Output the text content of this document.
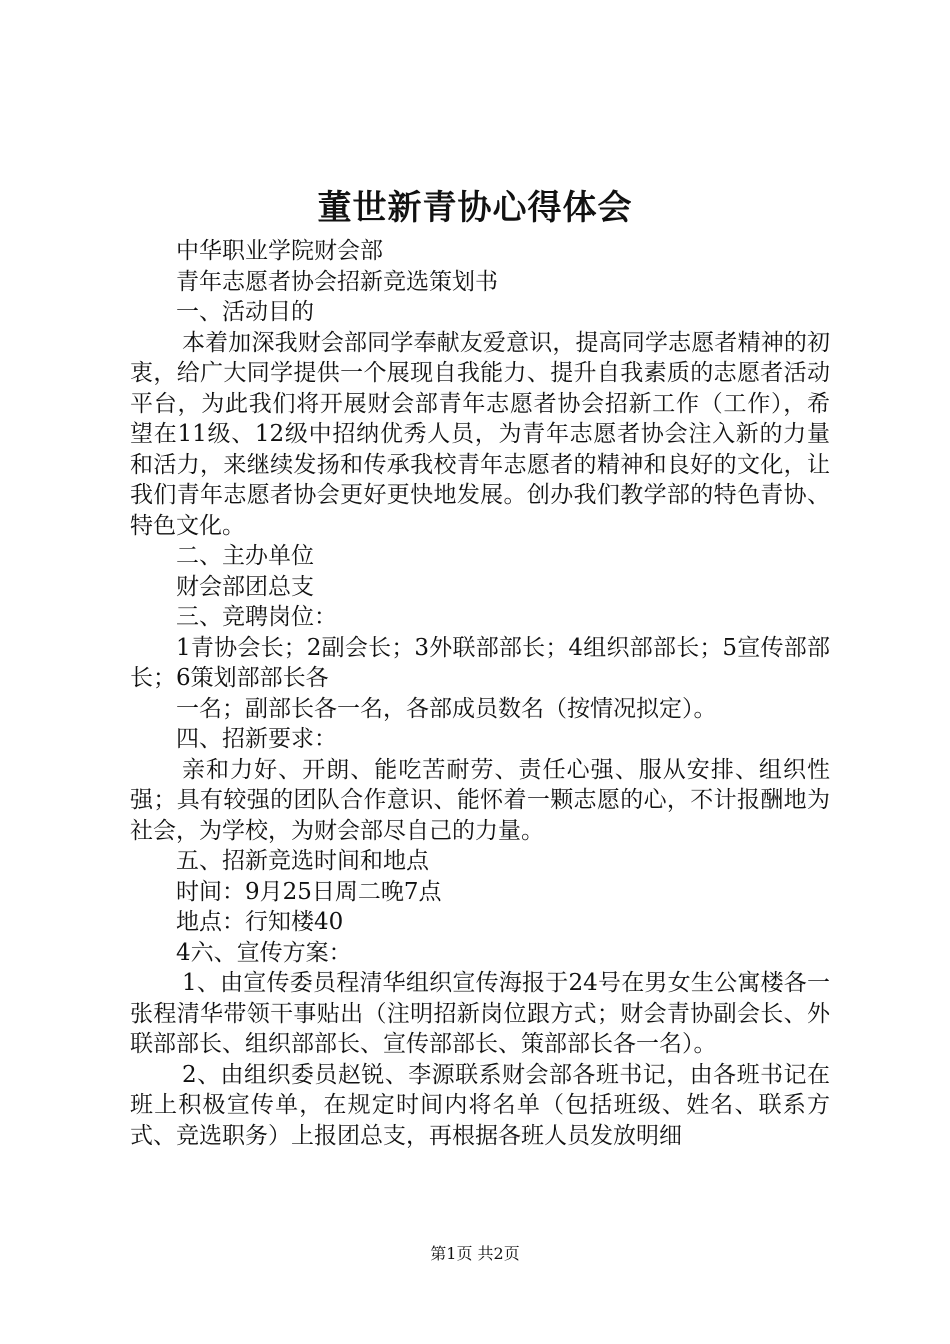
董世新青协心得体会

中华职业学院财会部

青年志愿者协会招新竞选策划书

一、活动目的

本着加深我财会部同学奉献友爱意识，提高同学志愿者精神的初衷，给广大同学提供一个展现自我能力、提升自我素质的志愿者活动平台，为此我们将开展财会部青年志愿者协会招新工作（工作），希望在11级、12级中招纳优秀人员，为青年志愿者协会注入新的力量和活力，来继续发扬和传承我校青年志愿者的精神和良好的文化，让我们青年志愿者协会更好更快地发展。创办我们教学部的特色青协、特色文化。

二、主办单位

财会部团总支

三、竞聘岗位：

1青协会长；2副会长；3外联部部长；4组织部部长；5宣传部部长；6策划部部长各

一名；副部长各一名，各部成员数名（按情况拟定）。

四、招新要求：

亲和力好、开朗、能吃苦耐劳、责任心强、服从安排、组织性强；具有较强的团队合作意识、能怀着一颗志愿的心，不计报酬地为社会，为学校，为财会部尽自己的力量。

五、招新竞选时间和地点

时间：9月25日周二晚7点

地点：行知楼40

4六、宣传方案：

1、由宣传委员程清华组织宣传海报于24号在男女生公寓楼各一张程清华带领干事贴出（注明招新岗位跟方式；财会青协副会长、外联部部长、组织部部长、宣传部部长、策部部长各一名）。

2、由组织委员赵锐、李源联系财会部各班书记，由各班书记在班上积极宣传单，在规定时间内将名单（包括班级、姓名、联系方式、竞选职务）上报团总支，再根据各班人员发放明细

第1页 共2页
